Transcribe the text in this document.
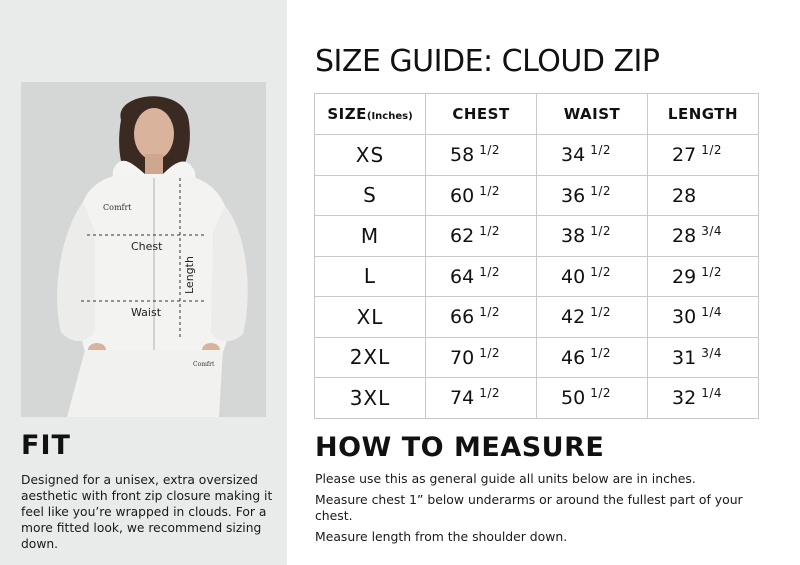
Comfrt
Comfrt
Chest
Waist
Length
FIT
Designed for a unisex, extra oversized aesthetic with front zip closure making it feel like you’re wrapped in clouds. For a more fitted look, we recommend sizing down.
SIZE GUIDE: CLOUD ZIP
SIZE(Inches)	CHEST	WAIST	LENGTH
XS	58 $^{1/2}$	34 $^{1/2}$	27 $^{1/2}$
S	60 $^{1/2}$	36 $^{1/2}$	28
M	62 $^{1/2}$	38 $^{1/2}$	28 $^{3/4}$
L	64 $^{1/2}$	40 $^{1/2}$	29 $^{1/2}$
XL	66 $^{1/2}$	42 $^{1/2}$	30 $^{1/4}$
2XL	70 $^{1/2}$	46 $^{1/2}$	31 $^{3/4}$
3XL	74 $^{1/2}$	50 $^{1/2}$	32 $^{1/4}$
HOW TO MEASURE

Please use this as general guide all units below are in inches.

Measure chest 1” below underarms or around the fullest part of your chest.

Measure length from the shoulder down.
